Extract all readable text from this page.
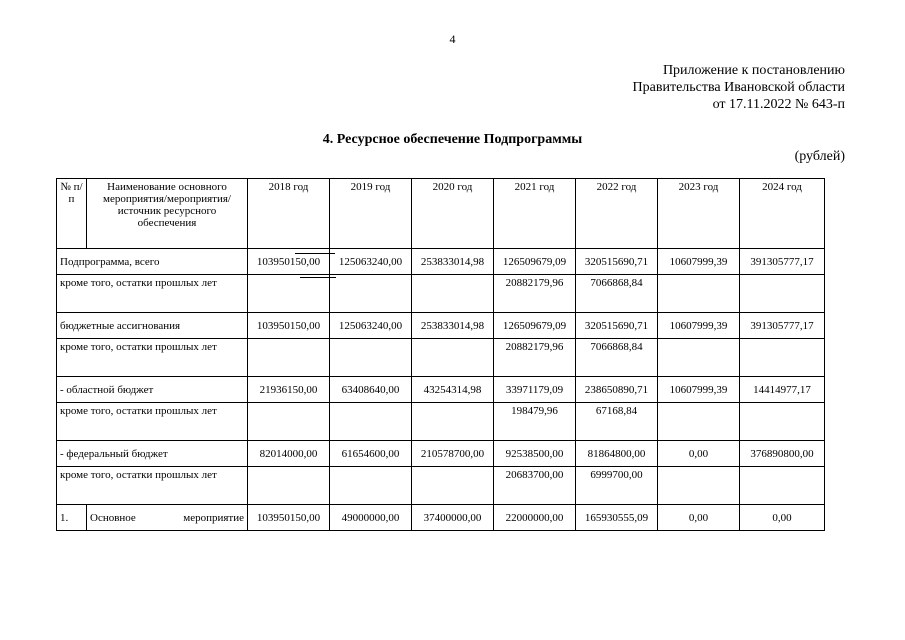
4
Приложение к постановлению
Правительства Ивановской области
от 17.11.2022 № 643-п
4. Ресурсное обеспечение Подпрограммы
(рублей)
№ п/п	Наименование основного мероприятия/мероприятия/ источник ресурсного обеспечения	2018 год	2019 год	2020 год	2021 год	2022 год	2023 год	2024 год
Подпрограмма, всего		103950150,00	125063240,00	253833014,98	126509679,09	320515690,71	10607999,39	391305777,17
кроме того, остатки прошлых лет					20882179,96	7066868,84		
бюджетные ассигнования		103950150,00	125063240,00	253833014,98	126509679,09	320515690,71	10607999,39	391305777,17
кроме того, остатки прошлых лет					20882179,96	7066868,84		
- областной бюджет		21936150,00	63408640,00	43254314,98	33971179,09	238650890,71	10607999,39	14414977,17
кроме того, остатки прошлых лет					198479,96	67168,84		
- федеральный бюджет		82014000,00	61654600,00	210578700,00	92538500,00	81864800,00	0,00	376890800,00
кроме того, остатки прошлых лет					20683700,00	6999700,00		
1.	Основное мероприятие	103950150,00	49000000,00	37400000,00	22000000,00	165930555,09	0,00	0,00
